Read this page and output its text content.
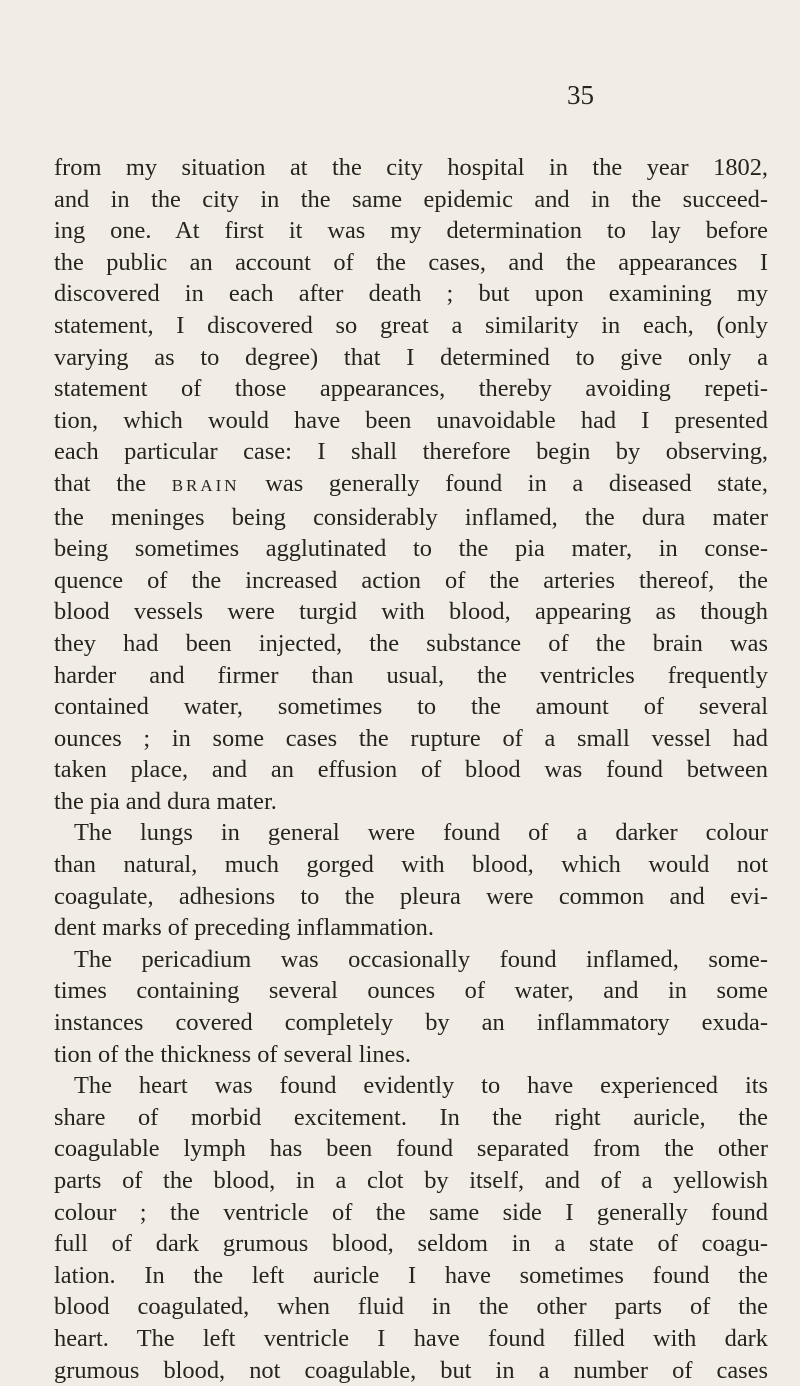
35
from my situation at the city hospital in the year 1802,
and in the city in the same epidemic and in the succeed-
ing one. At first it was my determination to lay before
the public an account of the cases, and the appearances I
discovered in each after death ; but upon examining my
statement, I discovered so great a similarity in each, (only
varying as to degree) that I determined to give only a
statement of those appearances, thereby avoiding repeti-
tion, which would have been unavoidable had I presented
each particular case: I shall therefore begin by observing,
that the BRAIN was generally found in a diseased state,
the meninges being considerably inflamed, the dura mater
being sometimes agglutinated to the pia mater, in conse-
quence of the increased action of the arteries thereof, the
blood vessels were turgid with blood, appearing as though
they had been injected, the substance of the brain was
harder and firmer than usual, the ventricles frequently
contained water, sometimes to the amount of several
ounces ; in some cases the rupture of a small vessel had
taken place, and an effusion of blood was found between
the pia and dura mater.
The lungs in general were found of a darker colour
than natural, much gorged with blood, which would not
coagulate, adhesions to the pleura were common and evi-
dent marks of preceding inflammation.
The pericadium was occasionally found inflamed, some-
times containing several ounces of water, and in some
instances covered completely by an inflammatory exuda-
tion of the thickness of several lines.
The heart was found evidently to have experienced its
share of morbid excitement. In the right auricle, the
coagulable lymph has been found separated from the other
parts of the blood, in a clot by itself, and of a yellowish
colour ; the ventricle of the same side I generally found
full of dark grumous blood, seldom in a state of coagu-
lation. In the left auricle I have sometimes found the
blood coagulated, when fluid in the other parts of the
heart. The left ventricle I have found filled with dark
grumous blood, not coagulable, but in a number of cases
